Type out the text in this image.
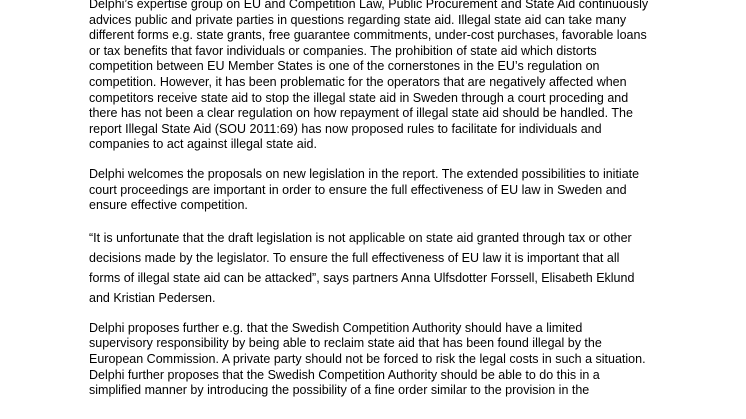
Delphi’s expertise group on EU and Competition Law, Public Procurement and State Aid continuously
advices public and private parties in questions regarding state aid. Illegal state aid can take many
different forms e.g. state grants, free guarantee commitments, under-cost purchases, favorable loans
or tax benefits that favor individuals or companies. The prohibition of state aid which distorts
competition between EU Member States is one of the cornerstones in the EU’s regulation on
competition. However, it has been problematic for the operators that are negatively affected when
competitors receive state aid to stop the illegal state aid in Sweden through a court proceding and
there has not been a clear regulation on how repayment of illegal state aid should be handled. The
report Illegal State Aid (SOU 2011:69) has now proposed rules to facilitate for individuals and
companies to act against illegal state aid.
Delphi welcomes the proposals on new legislation in the report. The extended possibilities to initiate
court proceedings are important in order to ensure the full effectiveness of EU law in Sweden and
ensure effective competition.
“It is unfortunate that the draft legislation is not applicable on state aid granted through tax or other
decisions made by the legislator. To ensure the full effectiveness of EU law it is important that all
forms of illegal state aid can be attacked”, says partners Anna Ulfsdotter Forssell, Elisabeth Eklund
and Kristian Pedersen.
Delphi proposes further e.g. that the Swedish Competition Authority should have a limited
supervisory responsibility by being able to reclaim state aid that has been found illegal by the
European Commission. A private party should not be forced to risk the legal costs in such a situation.
Delphi further proposes that the Swedish Competition Authority should be able to do this in a
simplified manner by introducing the possibility of a fine order similar to the provision in the
